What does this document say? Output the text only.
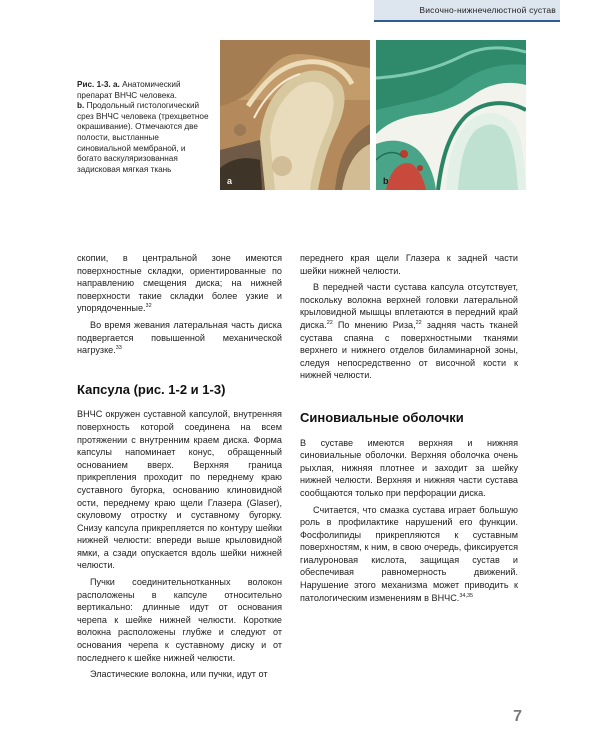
Височно-нижнечелюстной сустав
Рис. 1-3. a. Анатомический препарат ВНЧС человека.
b. Продольный гистологический срез ВНЧС человека (трехцветное окрашивание). Отмечаются две полости, выстланные синовиальной мембраной, и богато васкуляризованная задисковая мягкая ткань
a	b

скопии, в центральной зоне имеются поверхностные складки, ориентированные по направлению смещения диска; на нижней поверхности такие складки более узкие и упорядоченные.$^{32}$

Во время жевания латеральная часть диска подвергается повышенной механической нагрузке.$^{33}$

Капсула (рис. 1-2 и 1-3)

ВНЧС окружен суставной капсулой, внутренняя поверхность которой соединена на всем протяжении с внутренним краем диска. Форма капсулы напоминает конус, обращенный основанием вверх. Верхняя граница прикрепления проходит по переднему краю суставного бугорка, основанию клиновидной ости, переднему краю щели Глазера (Glaser), скуловому отростку и суставному бугорку. Снизу капсула прикрепляется по контуру шейки нижней челюсти: впереди выше крыловидной ямки, а сзади опускается вдоль шейки нижней челюсти.

Пучки соединительнотканных волокон расположены в капсуле относительно вертикально: длинные идут от основания черепа к шейке нижней челюсти. Короткие волокна расположены глубже и следуют от основания черепа к суставному диску и от последнего к шейке нижней челюсти.

Эластические волокна, или пучки, идут от

переднего края щели Глазера к задней части шейки нижней челюсти.

В передней части сустава капсула отсутствует, поскольку волокна верхней головки латеральной крыловидной мышцы вплетаются в передний край диска.$^{22}$ По мнению Риза,$^{22}$ задняя часть тканей сустава спаяна с поверхностными тканями верхнего и нижнего отделов биламинарной зоны, следуя непосредственно от височной кости к нижней челюсти.

Синовиальные оболочки

В суставе имеются верхняя и нижняя синовиальные оболочки. Верхняя оболочка очень рыхлая, нижняя плотнее и заходит за шейку нижней челюсти. Верхняя и нижняя части сустава сообщаются только при перфорации диска.

Считается, что смазка сустава играет большую роль в профилактике нарушений его функции. Фосфолипиды прикрепляются к суставным поверхностям, к ним, в свою очередь, фиксируется гиалуроновая кислота, защищая сустав и обеспечивая равномерность движений. Нарушение этого механизма может приводить к патологическим изменениям в ВНЧС.$^{34,35}$

7
